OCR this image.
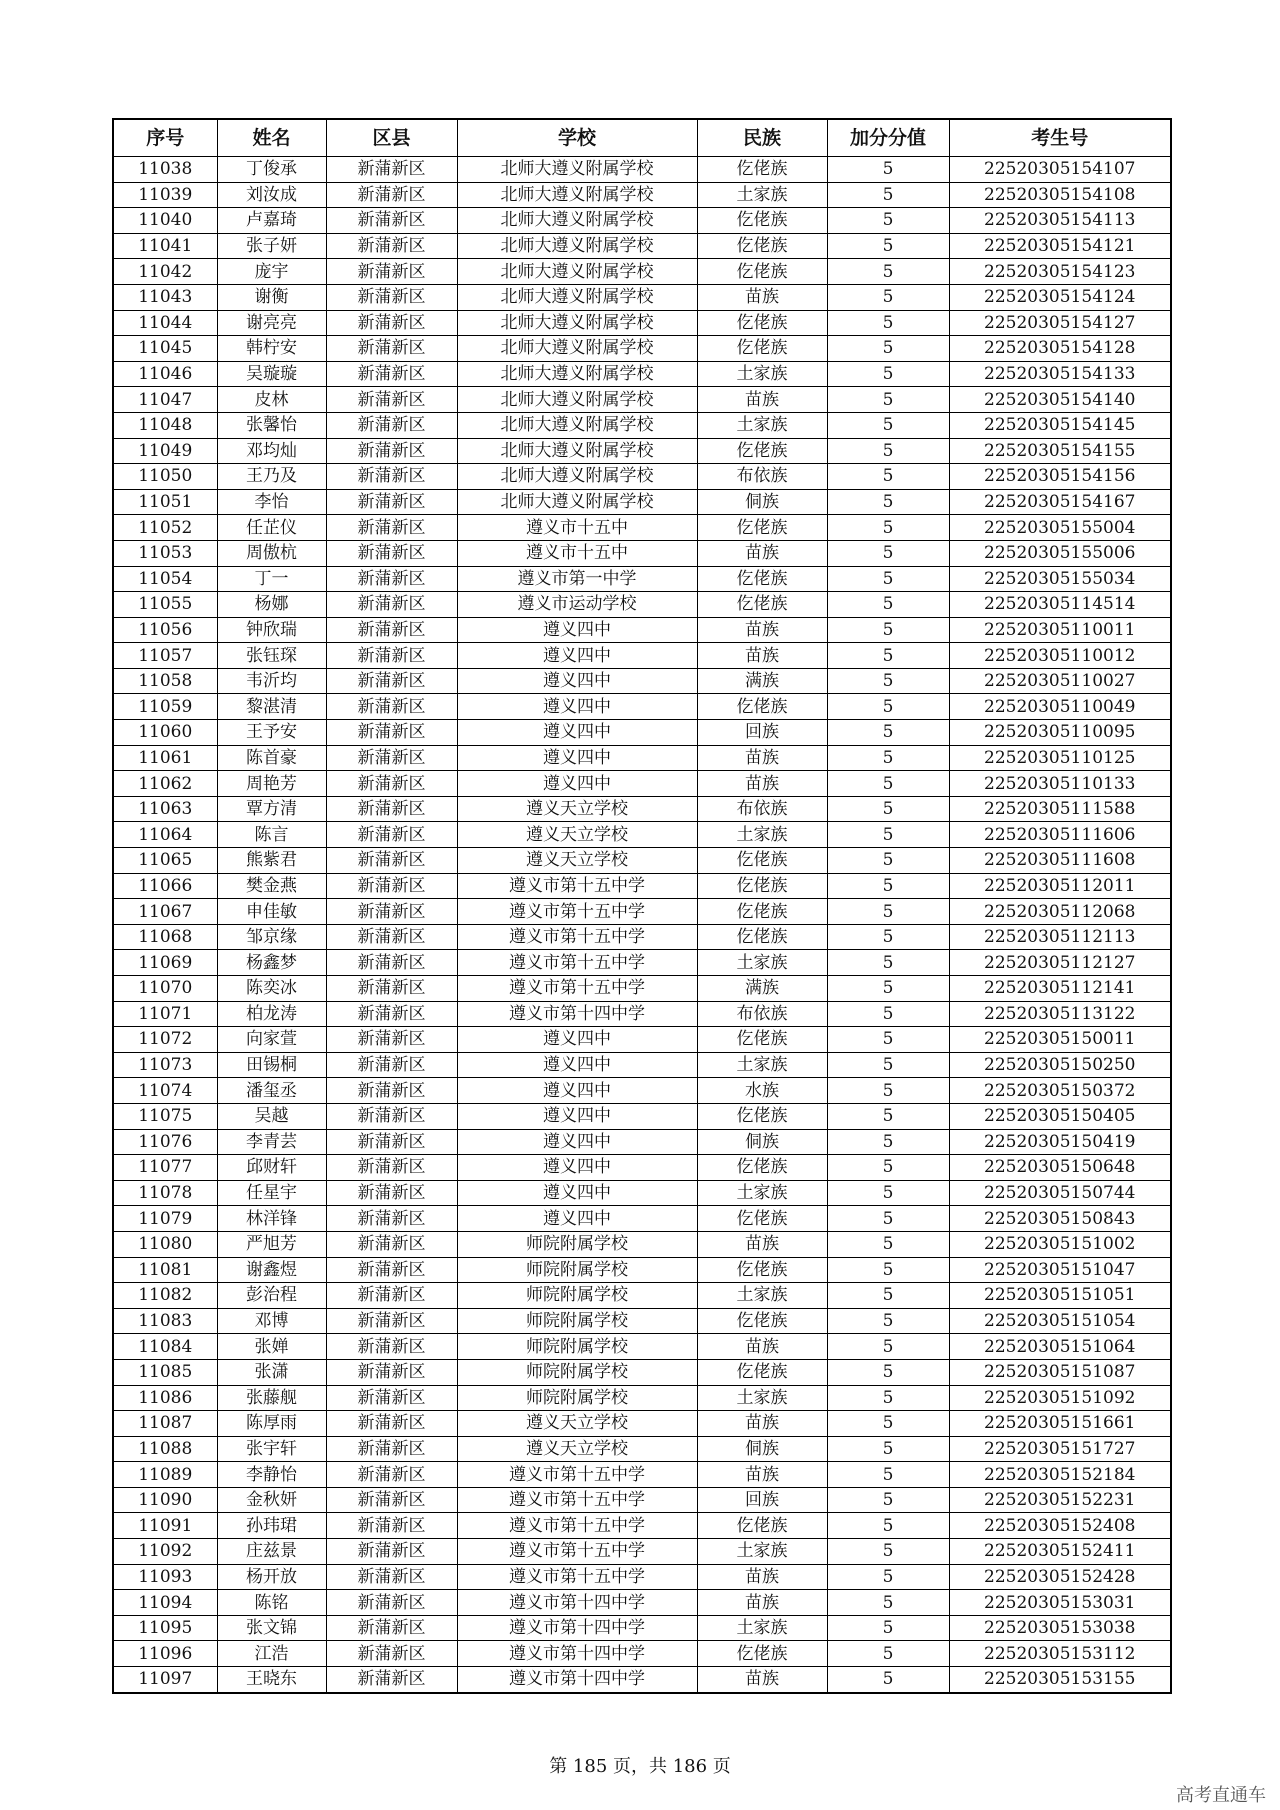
序号	姓名	区县	学校	民族	加分分值	考生号
11038	丁俊承	新蒲新区	北师大遵义附属学校	仡佬族	5	22520305154107
11039	刘汝成	新蒲新区	北师大遵义附属学校	土家族	5	22520305154108
11040	卢嘉琦	新蒲新区	北师大遵义附属学校	仡佬族	5	22520305154113
11041	张子妍	新蒲新区	北师大遵义附属学校	仡佬族	5	22520305154121
11042	庞宇	新蒲新区	北师大遵义附属学校	仡佬族	5	22520305154123
11043	谢衡	新蒲新区	北师大遵义附属学校	苗族	5	22520305154124
11044	谢亮亮	新蒲新区	北师大遵义附属学校	仡佬族	5	22520305154127
11045	韩柠安	新蒲新区	北师大遵义附属学校	仡佬族	5	22520305154128
11046	吴璇璇	新蒲新区	北师大遵义附属学校	土家族	5	22520305154133
11047	皮林	新蒲新区	北师大遵义附属学校	苗族	5	22520305154140
11048	张馨怡	新蒲新区	北师大遵义附属学校	土家族	5	22520305154145
11049	邓均灿	新蒲新区	北师大遵义附属学校	仡佬族	5	22520305154155
11050	王乃及	新蒲新区	北师大遵义附属学校	布依族	5	22520305154156
11051	李怡	新蒲新区	北师大遵义附属学校	侗族	5	22520305154167
11052	任芷仪	新蒲新区	遵义市十五中	仡佬族	5	22520305155004
11053	周傲杭	新蒲新区	遵义市十五中	苗族	5	22520305155006
11054	丁一	新蒲新区	遵义市第一中学	仡佬族	5	22520305155034
11055	杨娜	新蒲新区	遵义市运动学校	仡佬族	5	22520305114514
11056	钟欣瑞	新蒲新区	遵义四中	苗族	5	22520305110011
11057	张钰琛	新蒲新区	遵义四中	苗族	5	22520305110012
11058	韦沂均	新蒲新区	遵义四中	满族	5	22520305110027
11059	黎湛清	新蒲新区	遵义四中	仡佬族	5	22520305110049
11060	王予安	新蒲新区	遵义四中	回族	5	22520305110095
11061	陈首豪	新蒲新区	遵义四中	苗族	5	22520305110125
11062	周艳芳	新蒲新区	遵义四中	苗族	5	22520305110133
11063	覃方清	新蒲新区	遵义天立学校	布依族	5	22520305111588
11064	陈言	新蒲新区	遵义天立学校	土家族	5	22520305111606
11065	熊紫君	新蒲新区	遵义天立学校	仡佬族	5	22520305111608
11066	樊金燕	新蒲新区	遵义市第十五中学	仡佬族	5	22520305112011
11067	申佳敏	新蒲新区	遵义市第十五中学	仡佬族	5	22520305112068
11068	邹京缘	新蒲新区	遵义市第十五中学	仡佬族	5	22520305112113
11069	杨鑫梦	新蒲新区	遵义市第十五中学	土家族	5	22520305112127
11070	陈奕冰	新蒲新区	遵义市第十五中学	满族	5	22520305112141
11071	柏龙涛	新蒲新区	遵义市第十四中学	布依族	5	22520305113122
11072	向家萱	新蒲新区	遵义四中	仡佬族	5	22520305150011
11073	田锡桐	新蒲新区	遵义四中	土家族	5	22520305150250
11074	潘玺丞	新蒲新区	遵义四中	水族	5	22520305150372
11075	吴越	新蒲新区	遵义四中	仡佬族	5	22520305150405
11076	李青芸	新蒲新区	遵义四中	侗族	5	22520305150419
11077	邱财轩	新蒲新区	遵义四中	仡佬族	5	22520305150648
11078	任星宇	新蒲新区	遵义四中	土家族	5	22520305150744
11079	林洋锋	新蒲新区	遵义四中	仡佬族	5	22520305150843
11080	严旭芳	新蒲新区	师院附属学校	苗族	5	22520305151002
11081	谢鑫煜	新蒲新区	师院附属学校	仡佬族	5	22520305151047
11082	彭治程	新蒲新区	师院附属学校	土家族	5	22520305151051
11083	邓博	新蒲新区	师院附属学校	仡佬族	5	22520305151054
11084	张婵	新蒲新区	师院附属学校	苗族	5	22520305151064
11085	张潇	新蒲新区	师院附属学校	仡佬族	5	22520305151087
11086	张藤舰	新蒲新区	师院附属学校	土家族	5	22520305151092
11087	陈厚雨	新蒲新区	遵义天立学校	苗族	5	22520305151661
11088	张宇轩	新蒲新区	遵义天立学校	侗族	5	22520305151727
11089	李静怡	新蒲新区	遵义市第十五中学	苗族	5	22520305152184
11090	金秋妍	新蒲新区	遵义市第十五中学	回族	5	22520305152231
11091	孙玮珺	新蒲新区	遵义市第十五中学	仡佬族	5	22520305152408
11092	庄兹景	新蒲新区	遵义市第十五中学	土家族	5	22520305152411
11093	杨开放	新蒲新区	遵义市第十五中学	苗族	5	22520305152428
11094	陈铭	新蒲新区	遵义市第十四中学	苗族	5	22520305153031
11095	张文锦	新蒲新区	遵义市第十四中学	土家族	5	22520305153038
11096	江浩	新蒲新区	遵义市第十四中学	仡佬族	5	22520305153112
11097	王晓东	新蒲新区	遵义市第十四中学	苗族	5	22520305153155
第 185 页，共 186 页
高考直通车
